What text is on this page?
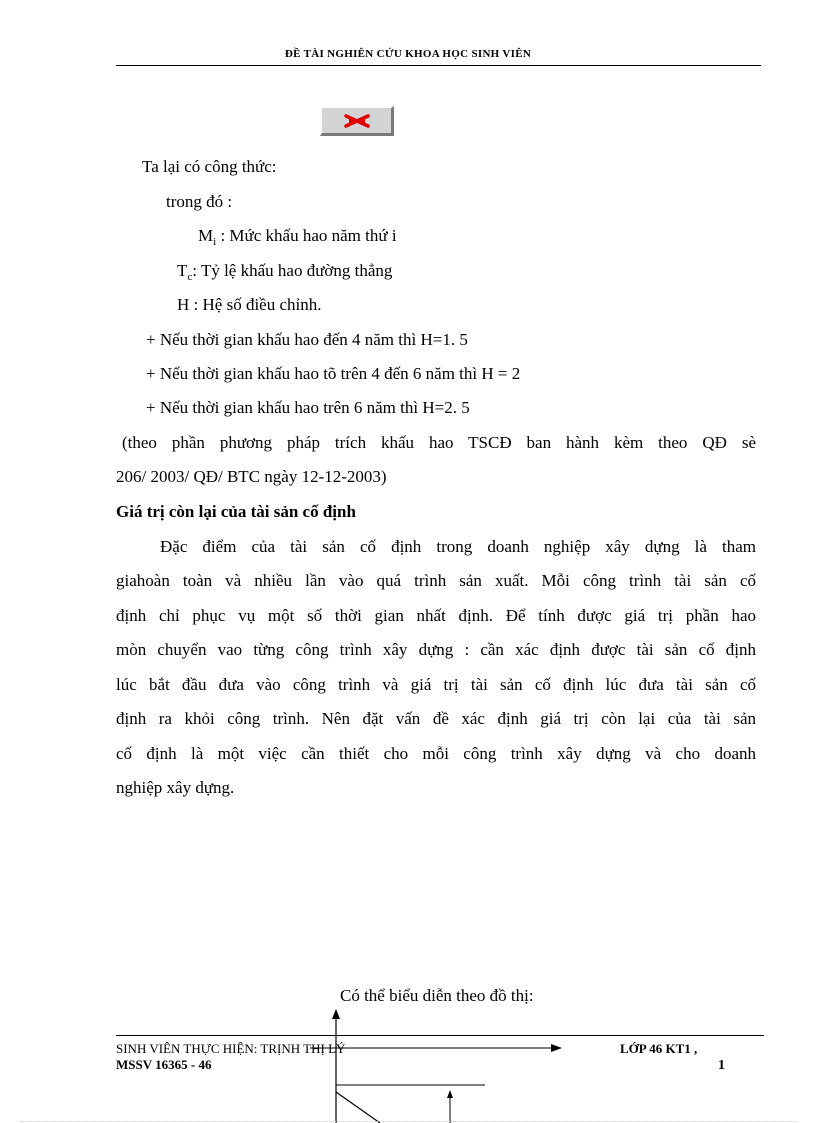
ĐỀ TÀI NGHIÊN CỨU KHOA HỌC SINH VIÊN
Ta lại có công thức:
trong đó :
$M_i$ : Mức khấu hao năm thứ i
$T_c$: Tỷ lệ khấu hao đường thẳng
H : Hệ số điều chỉnh.
+ Nếu thời gian khấu hao đến 4 năm thì H=1. 5
+ Nếu thời gian khấu hao tõ trên 4 đến 6 năm thì H = 2
+ Nếu thời gian khấu hao trên 6 năm thì H=2. 5
(theo phần phương pháp trích khấu hao TSCĐ ban hành kèm theo QĐ sè
206/ 2003/ QĐ/ BTC ngày 12-12-2003)
Giá trị còn lại của tài sản cố định
Đặc điểm của tài sản cố định trong doanh nghiệp xây dựng là tham
giahoàn toàn và nhiều lần vào quá trình sản xuất. Mỗi công trình tài sản cố
định chỉ phục vụ một số thời gian nhất định. Để tính được giá trị phần hao
mòn chuyển vao từng công trình xây dựng : cần xác định được tài sản cố định
lúc bắt đầu đưa vào công trình và giá trị tài sản cố định lúc đưa tài sản cố
định ra khỏi công trình. Nên đặt vấn đề xác định giá trị còn lại của tài sản
cố định là một việc cần thiết cho mỗi công trình xây dựng và cho doanh
nghiệp xây dựng.
Có thể biểu diễn theo đồ thị:
SINH VIÊN THỰC HIỆN: TRỊNH THỊ LÝ
MSSV 16365 - 46
LỚP 46 KT1 ,
1
